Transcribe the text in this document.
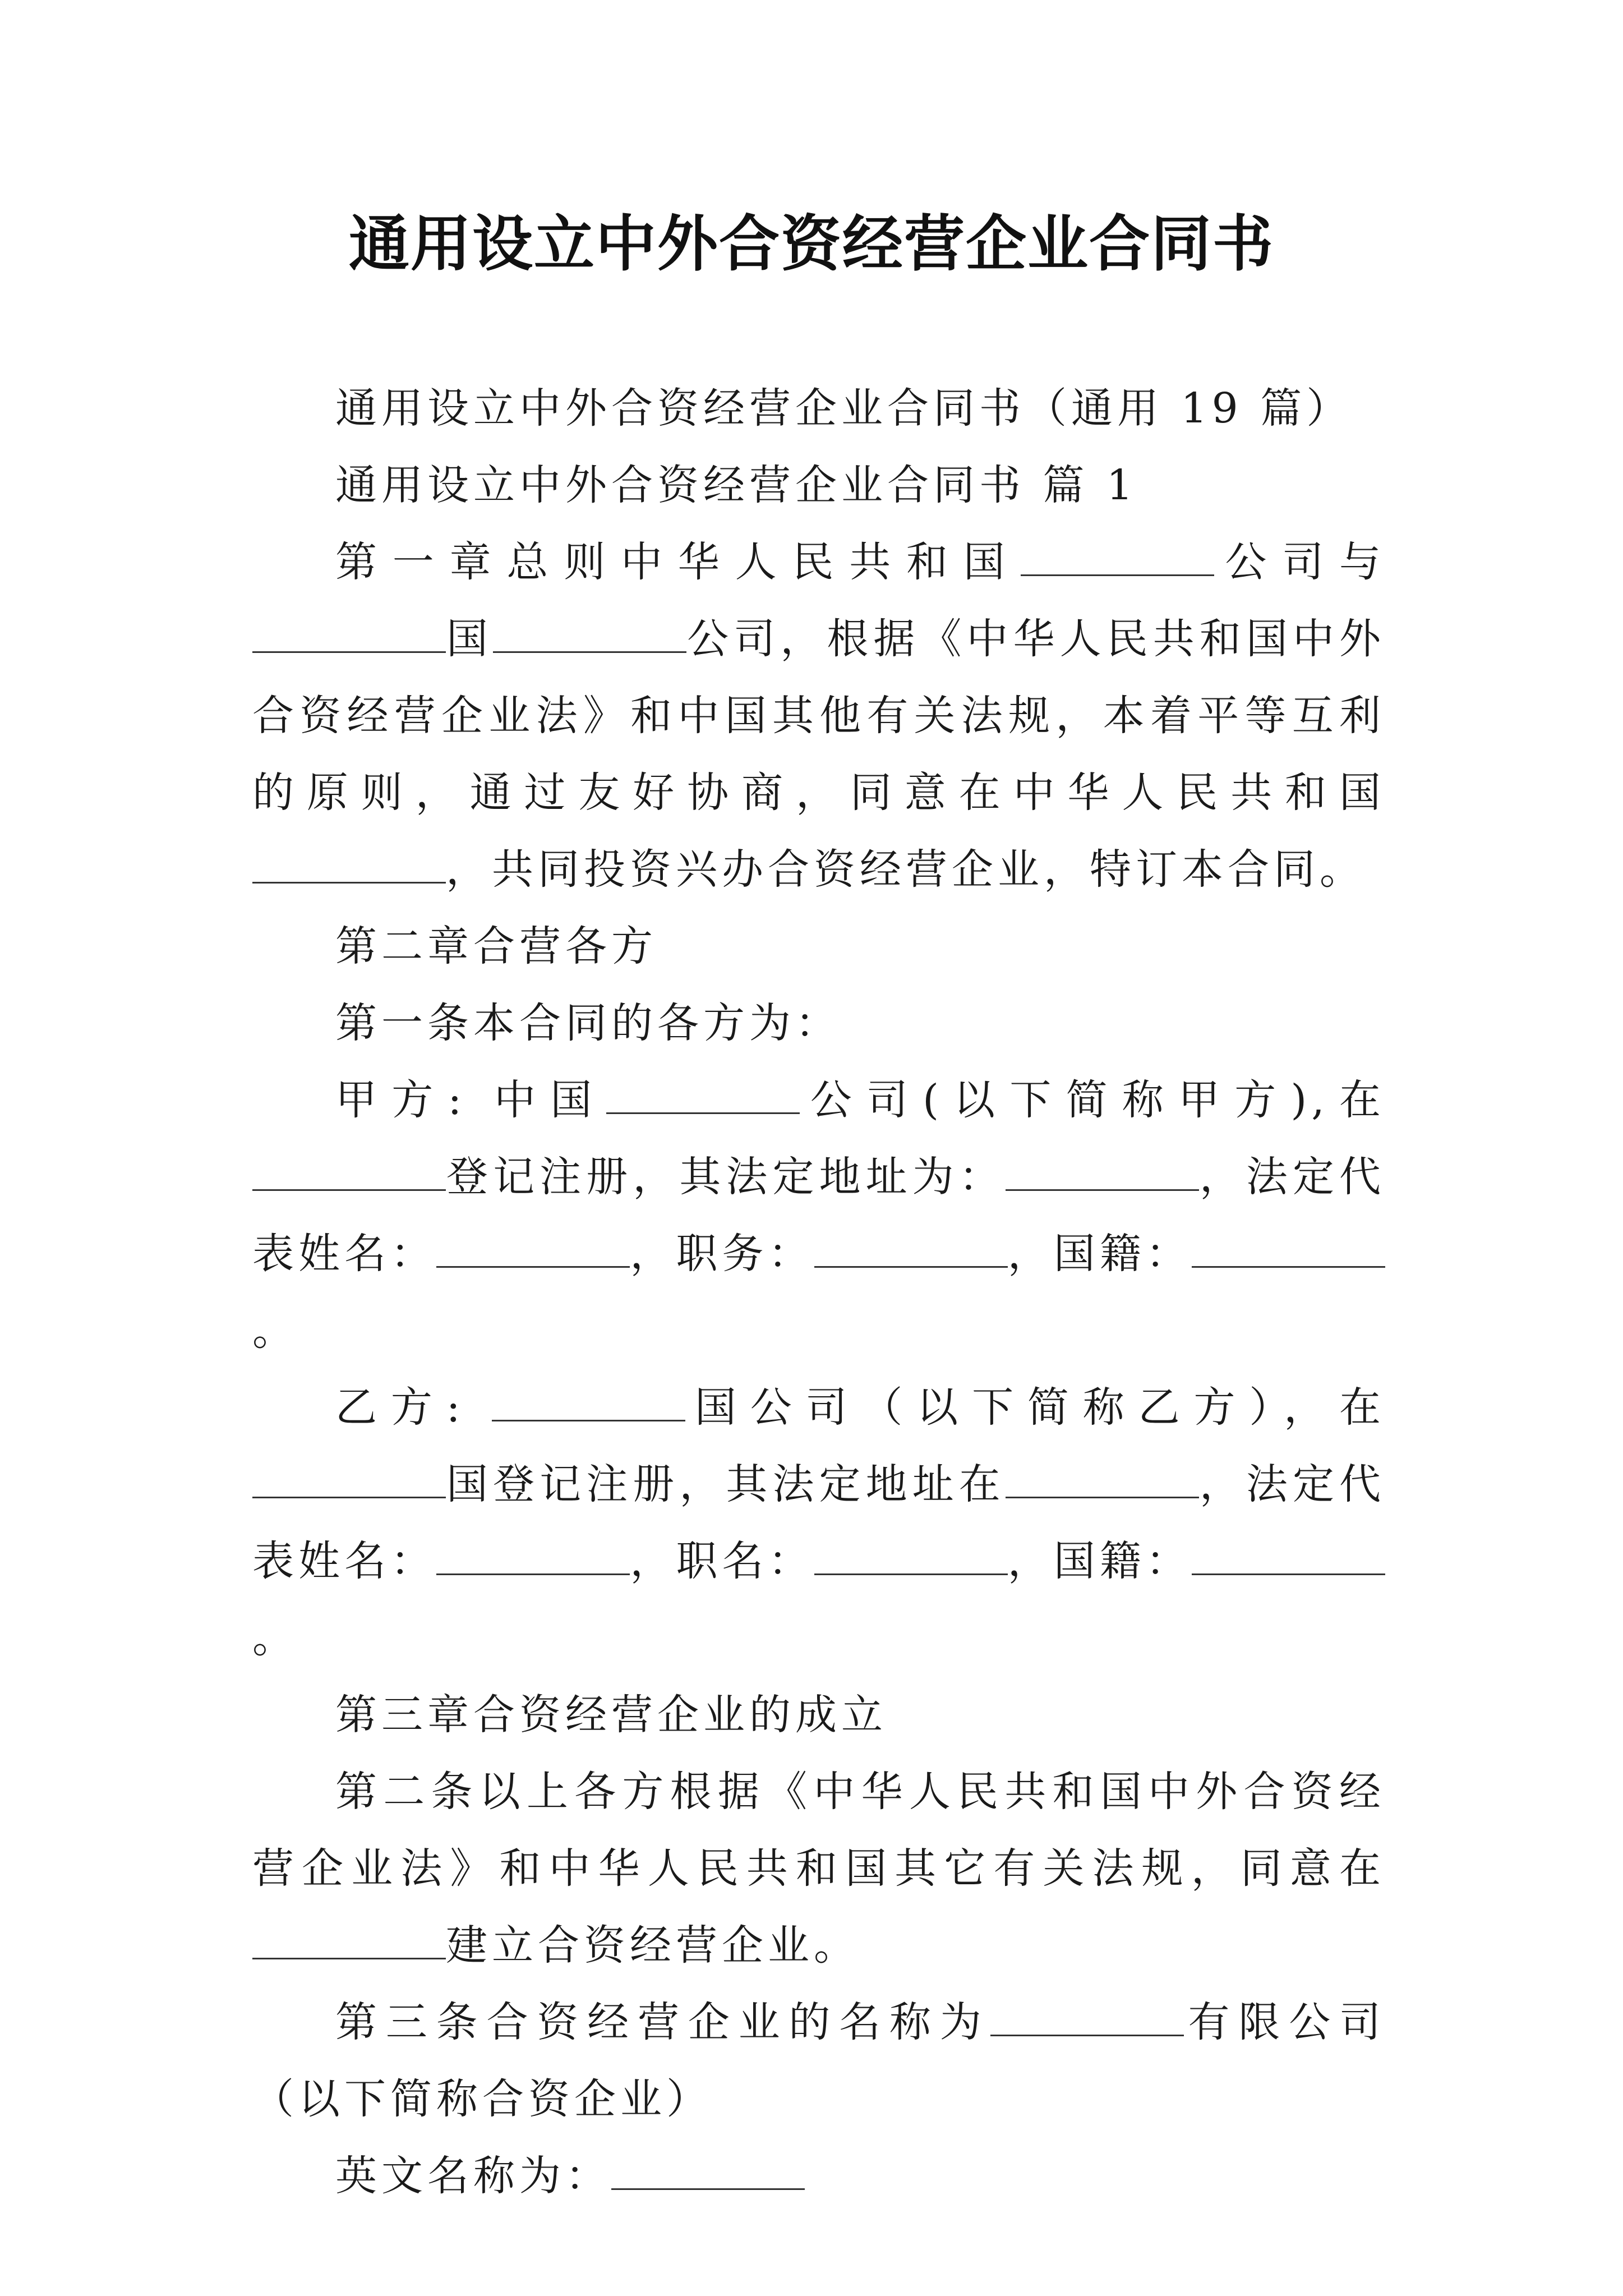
通用设立中外合资经营企业合同书

通用设立中外合资经营企业合同书（通用 19 篇）

通用设立中外合资经营企业合同书 篇 1

第一章总则中华人民共和国	公司与国	公司，根据《中华人民共和国中外合资经营企业法》和中国其他有关法规，本着平等互利的原则，通过友好协商，同意在中华人民共和国，共同投资兴办合资经营企业，特订本合同。

第二章合营各方

第一条本合同的各方为：

甲方: 中国	公司(以下简称甲方),在登记注册，其法定地址为：	，法定代表姓名：	，职务：	，国籍：。

乙方:	国公司（以下简称乙方），在国登记注册，其法定地址在	，法定代表姓名：	，职名：	，国籍：。

第三章合资经营企业的成立

第二条以上各方根据《中华人民共和国中外合资经营企业法》和中华人民共和国其它有关法规，同意在建立合资经营企业。

第三条合资经营企业的名称为	有限公司（以下简称合资企业）

英文名称为：
